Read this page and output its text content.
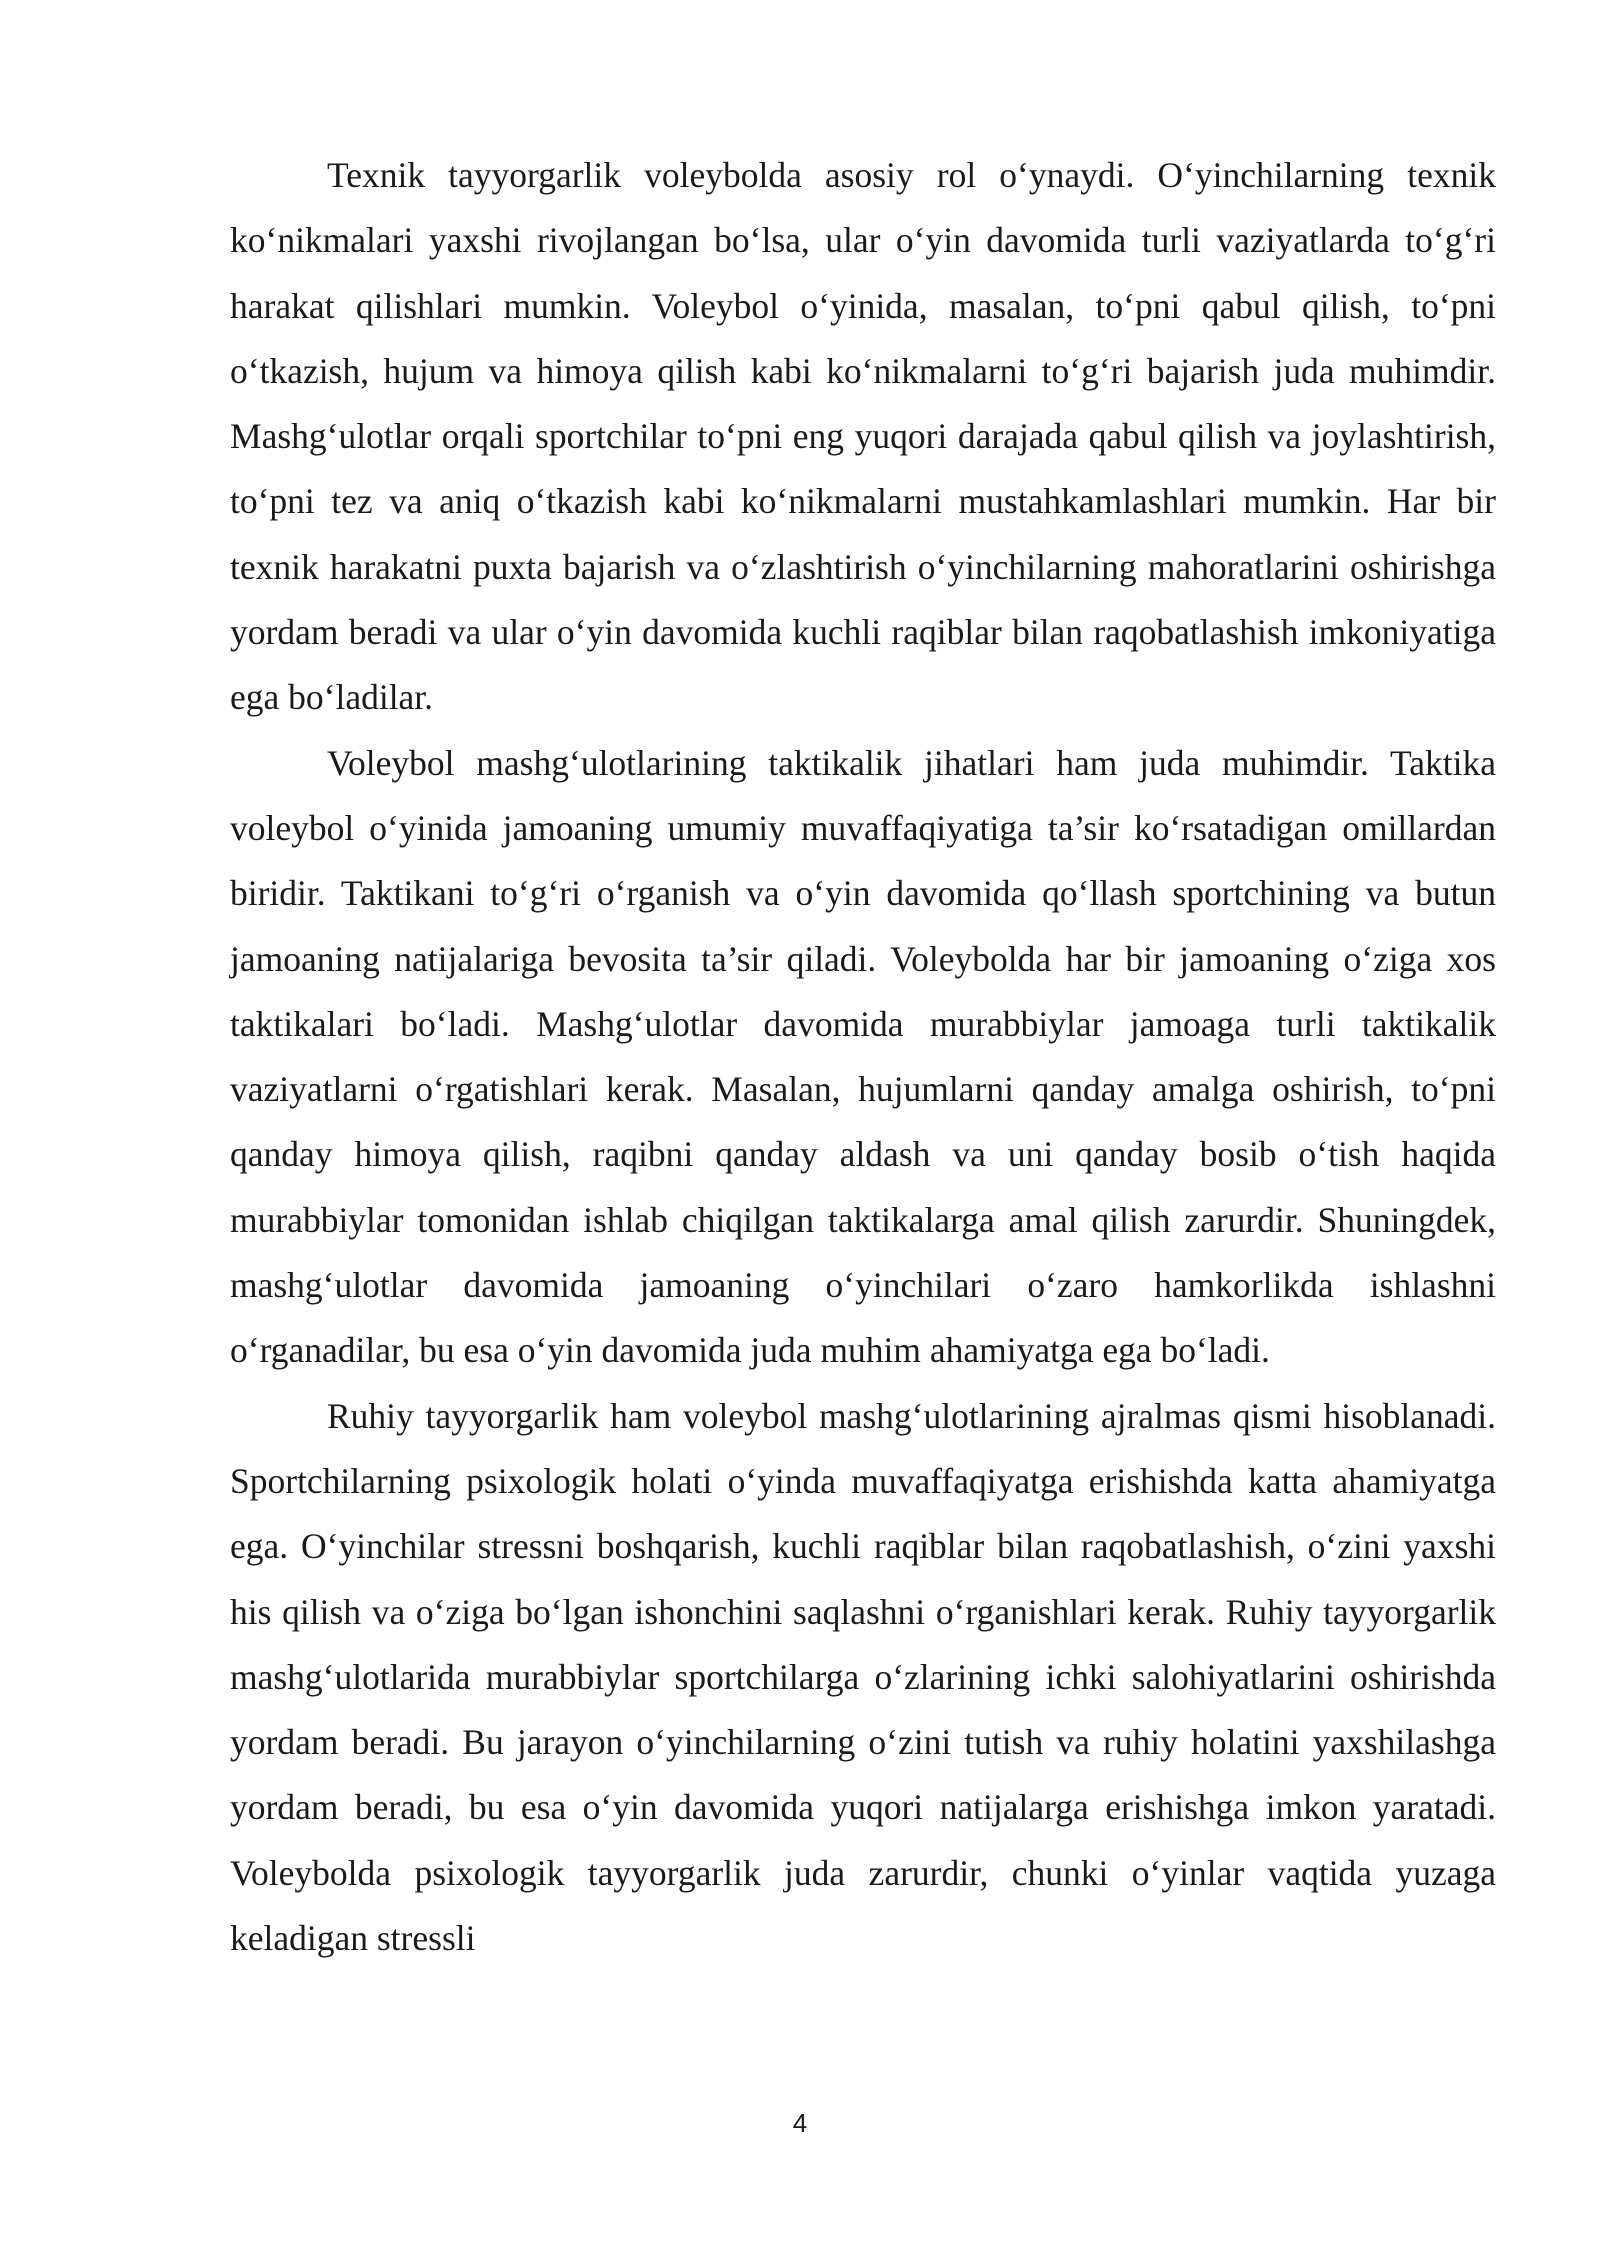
Texnik tayyorgarlik voleybolda asosiy rol o‘ynaydi. O‘yinchilarning texnik ko‘nikmalari yaxshi rivojlangan bo‘lsa, ular o‘yin davomida turli vaziyatlarda to‘g‘ri harakat qilishlari mumkin. Voleybol o‘yinida, masalan, to‘pni qabul qilish, to‘pni o‘tkazish, hujum va himoya qilish kabi ko‘nikmalarni to‘g‘ri bajarish juda muhimdir. Mashg‘ulotlar orqali sportchilar to‘pni eng yuqori darajada qabul qilish va joylashtirish, to‘pni tez va aniq o‘tkazish kabi ko‘nikmalarni mustahkamlashlari mumkin. Har bir texnik harakatni puxta bajarish va o‘zlashtirish o‘yinchilarning mahoratlarini oshirishga yordam beradi va ular o‘yin davomida kuchli raqiblar bilan raqobatlashish imkoniyatiga ega bo‘ladilar.

Voleybol mashg‘ulotlarining taktikalik jihatlari ham juda muhimdir. Taktika voleybol o‘yinida jamoaning umumiy muvaffaqiyatiga ta’sir ko‘rsatadigan omillardan biridir. Taktikani to‘g‘ri o‘rganish va o‘yin davomida qo‘llash sportchining va butun jamoaning natijalariga bevosita ta’sir qiladi. Voleybolda har bir jamoaning o‘ziga xos taktikalari bo‘ladi. Mashg‘ulotlar davomida murabbiylar jamoaga turli taktikalik vaziyatlarni o‘rgatishlari kerak. Masalan, hujumlarni qanday amalga oshirish, to‘pni qanday himoya qilish, raqibni qanday aldash va uni qanday bosib o‘tish haqida murabbiylar tomonidan ishlab chiqilgan taktikalarga amal qilish zarurdir. Shuningdek, mashg‘ulotlar davomida jamoaning o‘yinchilari o‘zaro hamkorlikda ishlashni o‘rganadilar, bu esa o‘yin davomida juda muhim ahamiyatga ega bo‘ladi.

Ruhiy tayyorgarlik ham voleybol mashg‘ulotlarining ajralmas qismi hisoblanadi. Sportchilarning psixologik holati o‘yinda muvaffaqiyatga erishishda katta ahamiyatga ega. O‘yinchilar stressni boshqarish, kuchli raqiblar bilan raqobatlashish, o‘zini yaxshi his qilish va o‘ziga bo‘lgan ishonchini saqlashni o‘rganishlari kerak. Ruhiy tayyorgarlik mashg‘ulotlarida murabbiylar sportchilarga o‘zlarining ichki salohiyatlarini oshirishda yordam beradi. Bu jarayon o‘yinchilarning o‘zini tutish va ruhiy holatini yaxshilashga yordam beradi, bu esa o‘yin davomida yuqori natijalarga erishishga imkon yaratadi. Voleybolda psixologik tayyorgarlik juda zarurdir, chunki o‘yinlar vaqtida yuzaga keladigan stressli

4
